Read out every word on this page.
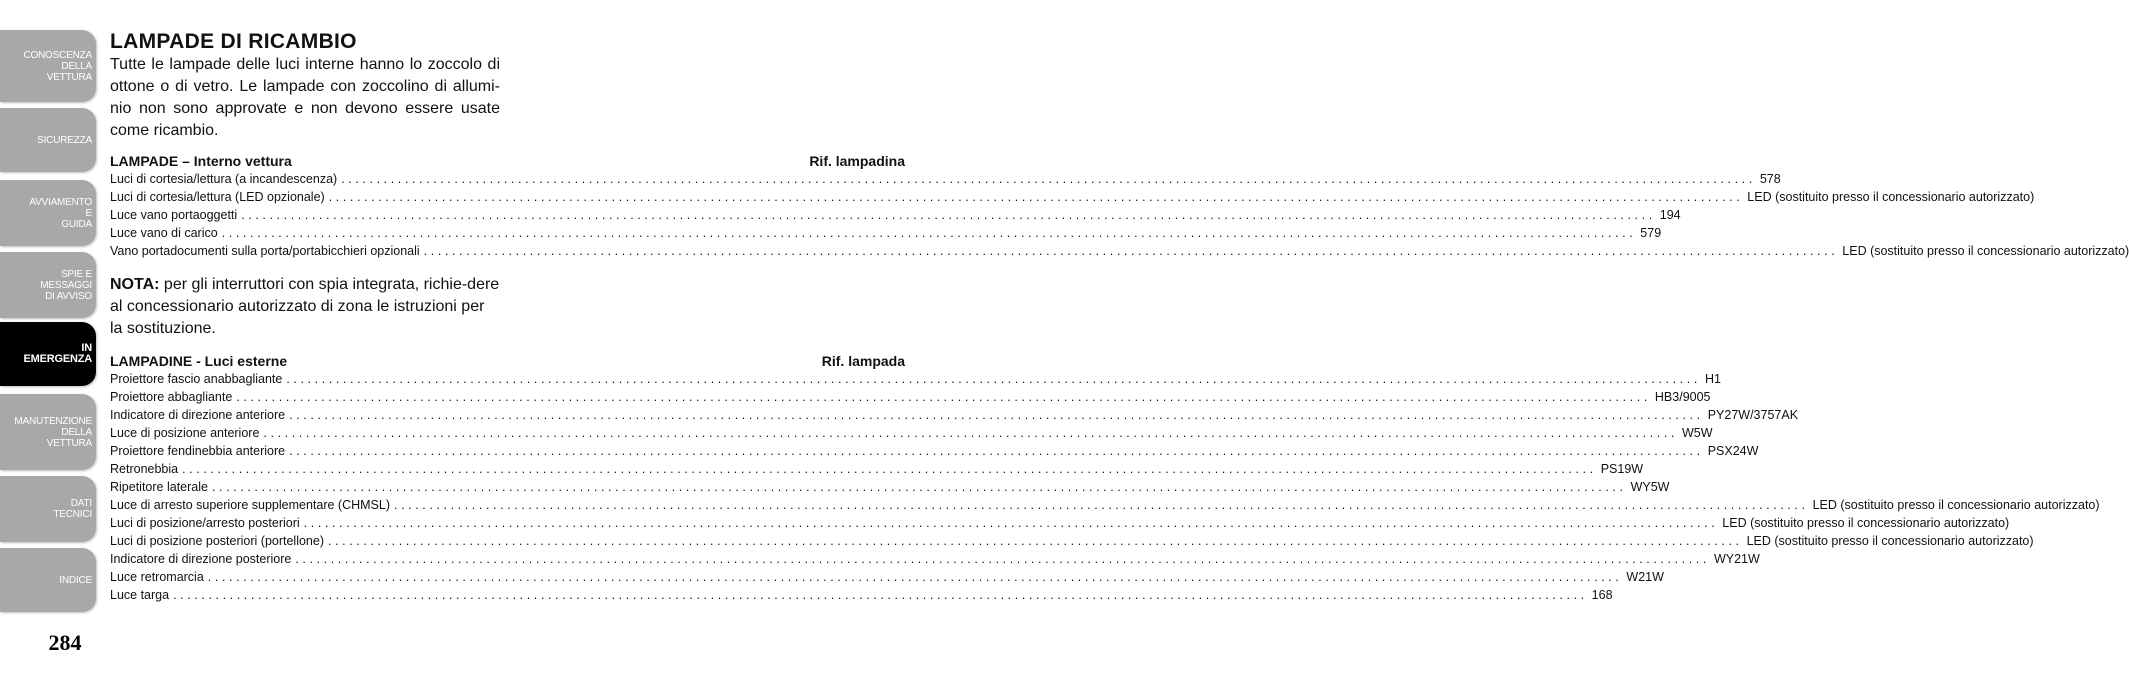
CONOSCENZA
DELLA
VETTURA
SICUREZZA
AVVIAMENTO
E
GUIDA
SPIE E
MESSAGGI
DI AVVISO
IN
EMERGENZA
MANUTENZIONE
DELLA
VETTURA
DATI
TECNICI
INDICE
284
LAMPADE DI RICAMBIO

Tutte le lampade delle luci interne hanno lo zoccolo di ottone o di vetro. Le lampade con zoccolino di allumi-nio non sono approvate e non devono essere usate come ricambio.

LAMPADE – Interno vettura	Rif. lampadina
Luci di cortesia/lettura (a incandescenza) ........................................................................................................................................................................................................ 578
Luci di cortesia/lettura (LED opzionale) ........................................................................................................................................................................................................ LED (sostituito presso il concessionario autorizzato)
Luce vano portaoggetti ........................................................................................................................................................................................................ 194
Luce vano di carico ........................................................................................................................................................................................................ 579
Vano portadocumenti sulla porta/portabicchieri opzionali ........................................................................................................................................................................................................ LED (sostituito presso il concessionario autorizzato)

NOTA: per gli interruttori con spia integrata, richie-dere al concessionario autorizzato di zona le istruzioni per la sostituzione.

LAMPADINE - Luci esterne	Rif. lampada
Proiettore fascio anabbagliante ........................................................................................................................................................................................................ H1
Proiettore abbagliante ........................................................................................................................................................................................................ HB3/9005
Indicatore di direzione anteriore ........................................................................................................................................................................................................ PY27W/3757AK
Luce di posizione anteriore ........................................................................................................................................................................................................ W5W
Proiettore fendinebbia anteriore ........................................................................................................................................................................................................ PSX24W
Retronebbia ........................................................................................................................................................................................................ PS19W
Ripetitore laterale ........................................................................................................................................................................................................ WY5W
Luce di arresto superiore supplementare (CHMSL) ........................................................................................................................................................................................................ LED (sostituito presso il concessionario autorizzato)
Luci di posizione/arresto posteriori ........................................................................................................................................................................................................ LED (sostituito presso il concessionario autorizzato)
Luci di posizione posteriori (portellone) ........................................................................................................................................................................................................ LED (sostituito presso il concessionario autorizzato)
Indicatore di direzione posteriore ........................................................................................................................................................................................................ WY21W
Luce retromarcia ........................................................................................................................................................................................................ W21W
Luce targa ........................................................................................................................................................................................................ 168
